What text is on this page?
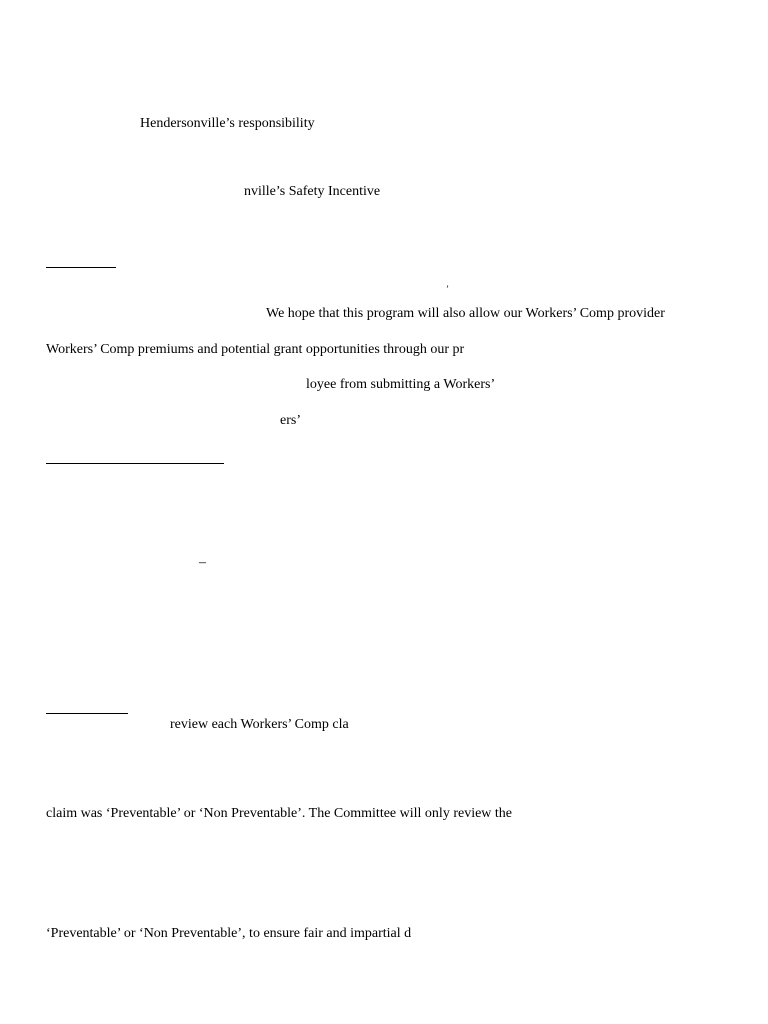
Hendersonville’s responsibility
nville’s Safety Incentive
’
We hope that this program will also allow our Workers’ Comp provider
Workers’ Comp premiums and potential grant opportunities through our pr
loyee from submitting a Workers’
ers’
–
review each Workers’ Comp cla
claim was ‘Preventable’ or ‘Non Preventable’. The Committee will only review the
‘Preventable’ or ‘Non Preventable’, to ensure fair and impartial d
